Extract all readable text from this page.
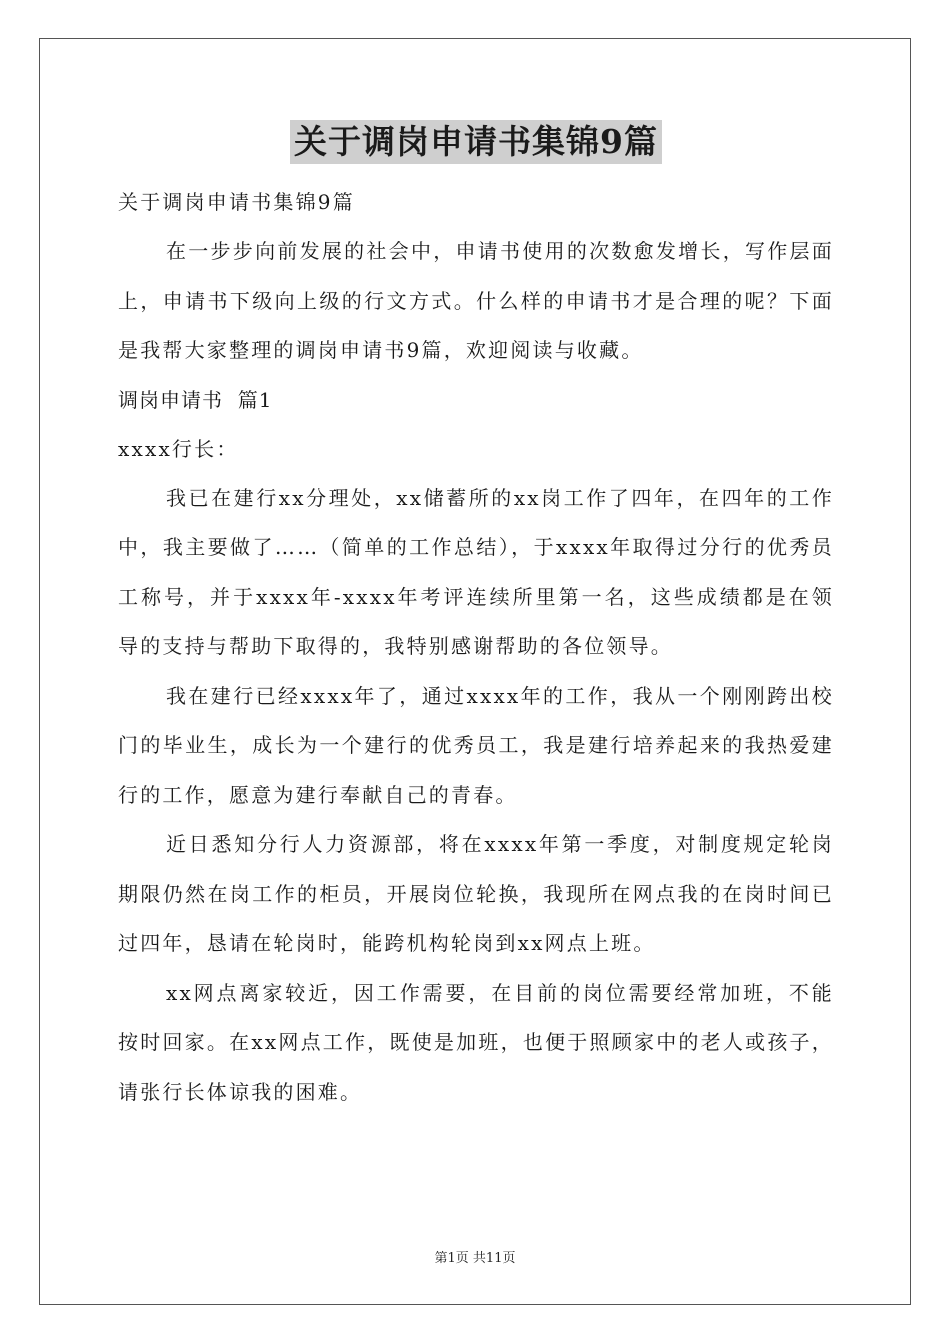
关于调岗申请书集锦9篇
关于调岗申请书集锦9篇

在一步步向前发展的社会中，申请书使用的次数愈发增长，写作层面上，申请书下级向上级的行文方式。什么样的申请书才是合理的呢？下面是我帮大家整理的调岗申请书9篇，欢迎阅读与收藏。

调岗申请书  篇1
xxxx行长：

我已在建行xx分理处，xx储蓄所的xx岗工作了四年，在四年的工作中，我主要做了……（简单的工作总结），于xxxx年取得过分行的优秀员工称号，并于xxxx年-xxxx年考评连续所里第一名，这些成绩都是在领导的支持与帮助下取得的，我特别感谢帮助的各位领导。

我在建行已经xxxx年了，通过xxxx年的工作，我从一个刚刚跨出校门的毕业生，成长为一个建行的优秀员工，我是建行培养起来的我热爱建行的工作，愿意为建行奉献自己的青春。

近日悉知分行人力资源部，将在xxxx年第一季度，对制度规定轮岗期限仍然在岗工作的柜员，开展岗位轮换，我现所在网点我的在岗时间已过四年，恳请在轮岗时，能跨机构轮岗到xx网点上班。

xx网点离家较近，因工作需要，在目前的岗位需要经常加班，不能按时回家。在xx网点工作，既使是加班，也便于照顾家中的老人或孩子，请张行长体谅我的困难。

第1页 共11页
